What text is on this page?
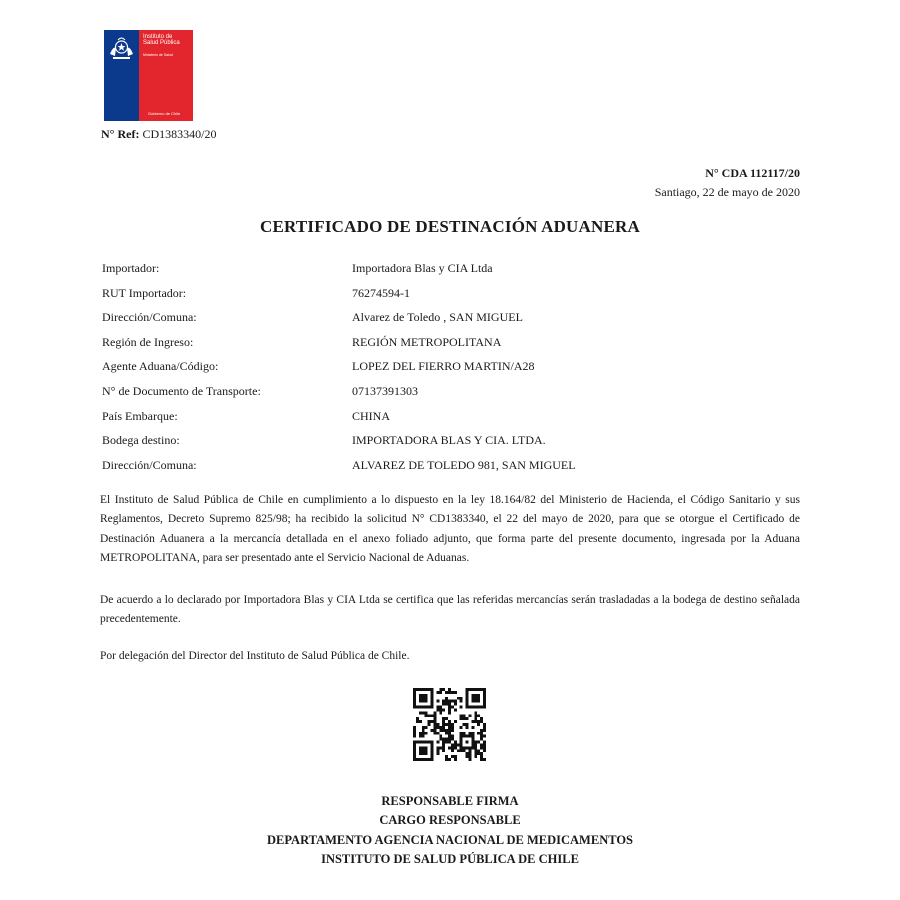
Instituto de
Salud Pública
Ministerio de Salud
Gobierno de Chile
N° Ref: CD1383340/20
N° CDA 112117/20
Santiago, 22 de mayo de 2020
CERTIFICADO DE DESTINACIÓN ADUANERA
Importador:	Importadora Blas y CIA Ltda
RUT Importador:	76274594-1
Dirección/Comuna:	Alvarez de Toledo , SAN MIGUEL
Región de Ingreso:	REGIÓN METROPOLITANA
Agente Aduana/Código:	LOPEZ DEL FIERRO MARTIN/A28
N° de Documento de Transporte:	07137391303
País Embarque:	CHINA
Bodega destino:	IMPORTADORA BLAS Y CIA. LTDA.
Dirección/Comuna:	ALVAREZ DE TOLEDO 981, SAN MIGUEL

El Instituto de Salud Pública de Chile en cumplimiento a lo dispuesto en la ley 18.164/82 del Ministerio de Hacienda, el Código Sanitario y sus Reglamentos, Decreto Supremo 825/98; ha recibido la solicitud N° CD1383340, el 22 del mayo de 2020, para que se otorgue el Certificado de Destinación Aduanera a la mercancía detallada en el anexo foliado adjunto, que forma parte del presente documento, ingresada por la Aduana METROPOLITANA, para ser presentado ante el Servicio Nacional de Aduanas.

De acuerdo a lo declarado por Importadora Blas y CIA Ltda se certifica que las referidas mercancías serán trasladadas a la bodega de destino señalada precedentemente.

Por delegación del Director del Instituto de Salud Pública de Chile.

RESPONSABLE FIRMA
CARGO RESPONSABLE
DEPARTAMENTO AGENCIA NACIONAL DE MEDICAMENTOS
INSTITUTO DE SALUD PÚBLICA DE CHILE
